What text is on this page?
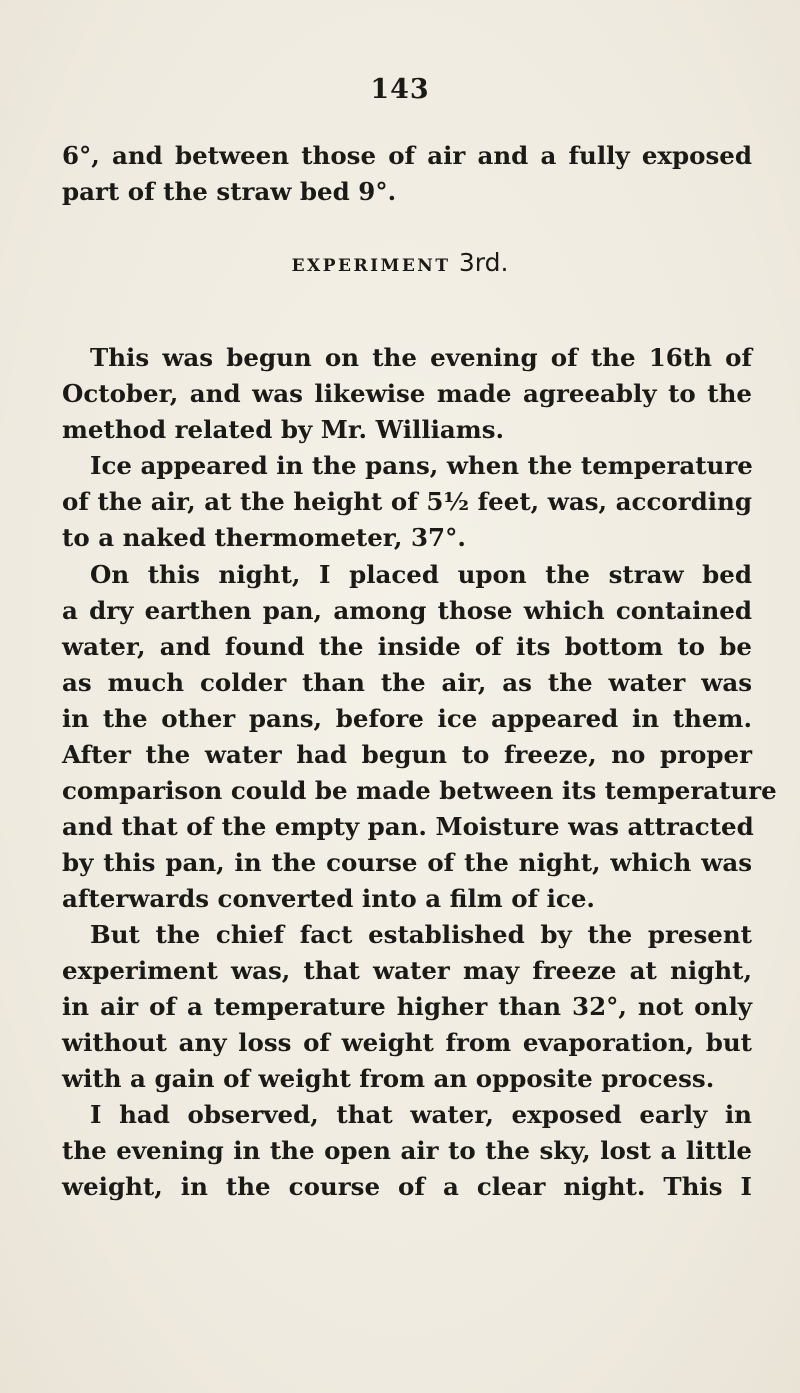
143
EXPERIMENT 3rd.
6°, and between those of air and a fully exposed
part of the straw bed 9°.
This was begun on the evening of the 16th of
October, and was likewise made agreeably to the
method related by Mr. Williams.
Ice appeared in the pans, when the temperature
of the air, at the height of 5½ feet, was, according
to a naked thermometer, 37°.
On this night, I placed upon the straw bed
a dry earthen pan, among those which contained
water, and found the inside of its bottom to be
as much colder than the air, as the water was
in the other pans, before ice appeared in them.
After the water had begun to freeze, no proper
comparison could be made between its temperature
and that of the empty pan. Moisture was attracted
by this pan, in the course of the night, which was
afterwards converted into a film of ice.
But the chief fact established by the present
experiment was, that water may freeze at night,
in air of a temperature higher than 32°, not only
without any loss of weight from evaporation, but
with a gain of weight from an opposite process.
I had observed, that water, exposed early in
the evening in the open air to the sky, lost a little
weight, in the course of a clear night. This I
